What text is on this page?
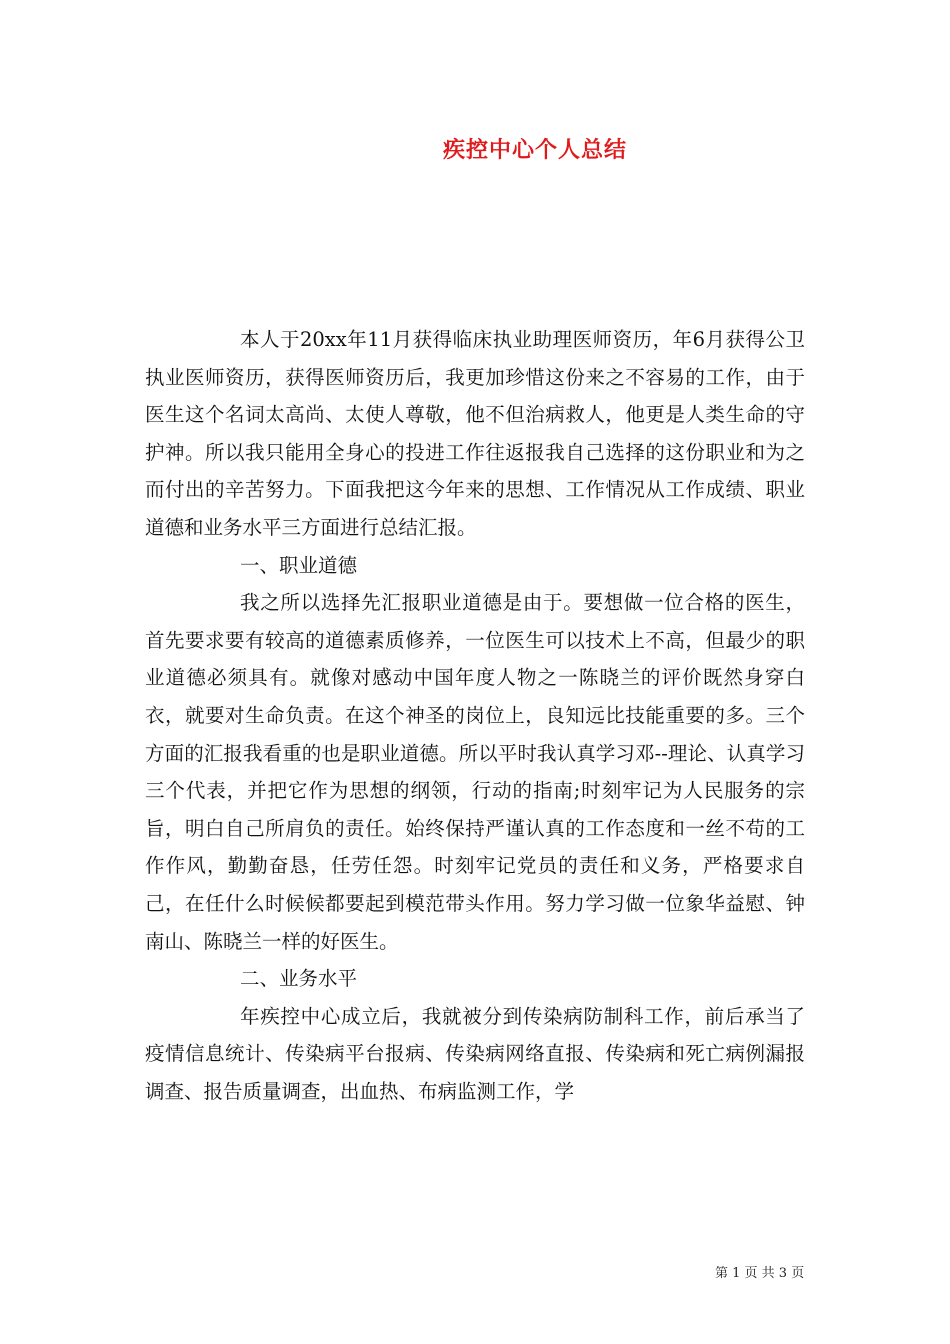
疾控中心个人总结

本人于20xx年11月获得临床执业助理医师资历，年6月获得公卫执业医师资历，获得医师资历后，我更加珍惜这份来之不容易的工作，由于医生这个名词太高尚、太使人尊敬，他不但治病救人，他更是人类生命的守护神。所以我只能用全身心的投进工作往返报我自己选择的这份职业和为之而付出的辛苦努力。下面我把这今年来的思想、工作情况从工作成绩、职业道德和业务水平三方面进行总结汇报。

一、职业道德

我之所以选择先汇报职业道德是由于。要想做一位合格的医生，首先要求要有较高的道德素质修养，一位医生可以技术上不高，但最少的职业道德必须具有。就像对感动中国年度人物之一陈晓兰的评价既然身穿白衣，就要对生命负责。在这个神圣的岗位上，良知远比技能重要的多。三个方面的汇报我看重的也是职业道德。所以平时我认真学习邓--理论、认真学习三个代表，并把它作为思想的纲领，行动的指南;时刻牢记为人民服务的宗旨，明白自己所肩负的责任。始终保持严谨认真的工作态度和一丝不苟的工作作风，勤勤奋恳，任劳任怨。时刻牢记党员的责任和义务，严格要求自己，在任什么时候候都要起到模范带头作用。努力学习做一位象华益慰、钟南山、陈晓兰一样的好医生。

二、业务水平

年疾控中心成立后，我就被分到传染病防制科工作，前后承当了疫情信息统计、传染病平台报病、传染病网络直报、传染病和死亡病例漏报调查、报告质量调查，出血热、布病监测工作，学

第 1 页 共 3 页
